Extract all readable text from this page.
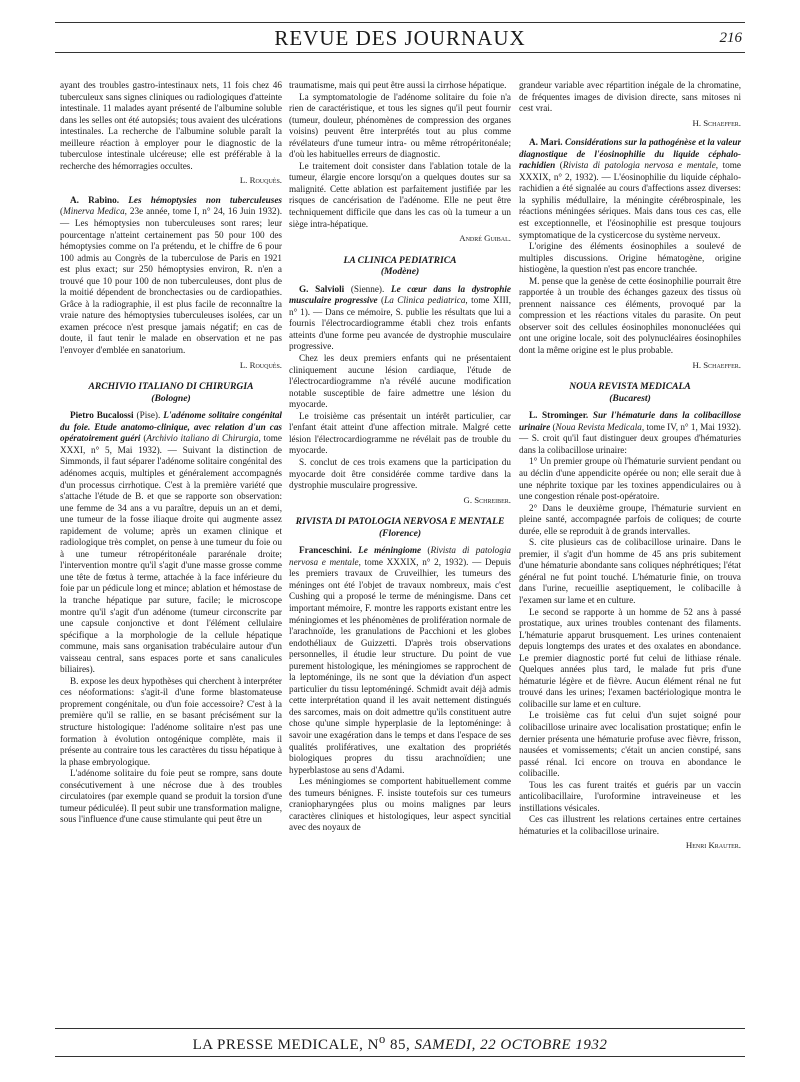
REVUE DES JOURNAUX	216

ayant des troubles gastro-intestinaux nets, 11 fois chez 46 tuberculeux sans signes cliniques ou radiologiques d'atteinte intestinale. 11 malades ayant présenté de l'albumine soluble dans les selles ont été autopsiés; tous avaient des ulcérations intestinales. La recherche de l'albumine soluble paraît la meilleure réaction à employer pour le diagnostic de la tuberculose intestinale ulcéreuse; elle est préférable à la recherche des hémorragies occultes.

L. Rouquès.

A. Rabino. Les hémoptysies non tuberculeuses (Minerva Medica, 23e année, tome I, n° 24, 16 Juin 1932). — Les hémoptysies non tuberculeuses sont rares; leur pourcentage n'atteint certainement pas 50 pour 100 des hémoptysies comme on l'a prétendu, et le chiffre de 6 pour 100 admis au Congrès de la tuberculose de Paris en 1921 est plus exact; sur 250 hémoptysies environ, R. n'en a trouvé que 10 pour 100 de non tuberculeuses, dont plus de la moitié dépendent de bronchectasies ou de cardiopathies. Grâce à la radiographie, il est plus facile de reconnaître la vraie nature des hémoptysies tuberculeuses isolées, car un examen précoce n'est presque jamais négatif; en cas de doute, il faut tenir le malade en observation et ne pas l'envoyer d'emblée en sanatorium.

L. Rouquès.
ARCHIVIO ITALIANO DI CHIRURGIA
(Bologne)

Pietro Bucalossi (Pise). L'adénome solitaire congénital du foie. Etude anatomo-clinique, avec relation d'un cas opératoirement guéri (Archivio italiano di Chirurgia, tome XXXI, n° 5, Mai 1932). — Suivant la distinction de Simmonds, il faut séparer l'adénome solitaire congénital des adénomes acquis, multiples et généralement accompagnés d'un processus cirrhotique. C'est à la première variété que s'attache l'étude de B. et que se rapporte son observation: une femme de 34 ans a vu paraître, depuis un an et demi, une tumeur de la fosse iliaque droite qui augmente assez rapidement de volume; après un examen clinique et radiologique très complet, on pense à une tumeur du foie ou à une tumeur rétropéritonéale pararénale droite; l'intervention montre qu'il s'agit d'une masse grosse comme une tête de fœtus à terme, attachée à la face inférieure du foie par un pédicule long et mince; ablation et hémostase de la tranche hépatique par suture, facile; le microscope montre qu'il s'agit d'un adénome (tumeur circonscrite par une capsule conjonctive et dont l'élément cellulaire spécifique a la morphologie de la cellule hépatique commune, mais sans organisation trabéculaire autour d'un vaisseau central, sans espaces porte et sans canalicules biliaires).

B. expose les deux hypothèses qui cherchent à interpréter ces néoformations: s'agit-il d'une forme blastomateuse proprement congénitale, ou d'un foie accessoire? C'est à la première qu'il se rallie, en se basant précisément sur la structure histologique: l'adénome solitaire n'est pas une formation à évolution ontogénique complète, mais il présente au contraire tous les caractères du tissu hépatique à la phase embryologique.

L'adénome solitaire du foie peut se rompre, sans doute consécutivement à une nécrose due à des troubles circulatoires (par exemple quand se produit la torsion d'une tumeur pédiculée). Il peut subir une transformation maligne, sous l'influence d'une cause stimulante qui peut être un

traumatisme, mais qui peut être aussi la cirrhose hépatique.

La symptomatologie de l'adénome solitaire du foie n'a rien de caractéristique, et tous les signes qu'il peut fournir (tumeur, douleur, phénomènes de compression des organes voisins) peuvent être interprétés tout au plus comme révélateurs d'une tumeur intra- ou même rétropéritonéale; d'où les habituelles erreurs de diagnostic.

Le traitement doit consister dans l'ablation totale de la tumeur, élargie encore lorsqu'on a quelques doutes sur sa malignité. Cette ablation est parfaitement justifiée par les risques de cancérisation de l'adénome. Elle ne peut être techniquement difficile que dans les cas où la tumeur a un siège intra-hépatique.

André Guibal.
LA CLINICA PEDIATRICA
(Modène)

G. Salvioli (Sienne). Le cœur dans la dystrophie musculaire progressive (La Clinica pediatrica, tome XIII, n° 1). — Dans ce mémoire, S. publie les résultats que lui a fournis l'électrocardiogramme établi chez trois enfants atteints d'une forme peu avancée de dystrophie musculaire progressive.

Chez les deux premiers enfants qui ne présentaient cliniquement aucune lésion cardiaque, l'étude de l'électrocardiogramme n'a révélé aucune modification notable susceptible de faire admettre une lésion du myocarde.

Le troisième cas présentait un intérêt particulier, car l'enfant était atteint d'une affection mitrale. Malgré cette lésion l'électrocardiogramme ne révélait pas de trouble du myocarde.

S. conclut de ces trois examens que la participation du myocarde doit être considérée comme tardive dans la dystrophie musculaire progressive.

G. Schreiber.
RIVISTA DI PATOLOGIA NERVOSA E MENTALE
(Florence)

Franceschini. Le méningiome (Rivista di patologia nervosa e mentale, tome XXXIX, n° 2, 1932). — Depuis les premiers travaux de Cruveilhier, les tumeurs des méninges ont été l'objet de travaux nombreux, mais c'est Cushing qui a proposé le terme de méningisme. Dans cet important mémoire, F. montre les rapports existant entre les méningiomes et les phénomènes de prolifération normale de l'arachnoïde, les granulations de Pacchioni et les globes endothéliaux de Guizzetti. D'après trois observations personnelles, il étudie leur structure. Du point de vue purement histologique, les méningiomes se rapprochent de la leptoméninge, ils ne sont que la déviation d'un aspect particulier du tissu leptoméningé. Schmidt avait déjà admis cette interprétation quand il les avait nettement distingués des sarcomes, mais on doit admettre qu'ils constituent autre chose qu'une simple hyperplasie de la leptoméninge: à savoir une exagération dans le temps et dans l'espace de ses qualités prolifératives, une exaltation des propriétés biologiques propres du tissu arachnoïdien; une hyperblastose au sens d'Adami.

Les méningiomes se comportent habituellement comme des tumeurs bénignes. F. insiste toutefois sur ces tumeurs craniopharyngées plus ou moins malignes par leurs caractères cliniques et histologiques, leur aspect syncitial avec des noyaux de

grandeur variable avec répartition inégale de la chromatine, de fréquentes images de division directe, sans mitoses ni cest vrai.

H. Schaeffer.

A. Mari. Considérations sur la pathogénèse et la valeur diagnostique de l'éosinophilie du liquide céphalo-rachidien (Rivista di patologia nervosa e mentale, tome XXXIX, n° 2, 1932). — L'éosinophilie du liquide céphalo-rachidien a été signalée au cours d'affections assez diverses: la syphilis médullaire, la méningite cérébrospinale, les réactions méningées sériques. Mais dans tous ces cas, elle est exceptionnelle, et l'éosinophilie est presque toujours symptomatique de la cysticercose du système nerveux.

L'origine des éléments éosinophiles a soulevé de multiples discussions. Origine hématogène, origine histiogène, la question n'est pas encore tranchée.

M. pense que la genèse de cette éosinophilie pourrait être rapportée à un trouble des échanges gazeux des tissus où prennent naissance ces éléments, provoqué par la compression et les réactions vitales du parasite. On peut observer soit des cellules éosinophiles mononucléées qui ont une origine locale, soit des polynucléaires éosinophiles dont la même origine est le plus probable.

H. Schaeffer.
NOUA REVISTA MEDICALA
(Bucarest)

L. Strominger. Sur l'hématurie dans la colibacillose urinaire (Noua Revista Medicala, tome IV, n° 1, Mai 1932). — S. croit qu'il faut distinguer deux groupes d'hématuries dans la colibacillose urinaire:

1° Un premier groupe où l'hématurie survient pendant ou au déclin d'une appendicite opérée ou non; elle serait due à une néphrite toxique par les toxines appendiculaires ou à une congestion rénale post-opératoire.

2° Dans le deuxième groupe, l'hématurie survient en pleine santé, accompagnée parfois de coliques; de courte durée, elle se reproduit à de grands intervalles.

S. cite plusieurs cas de colibacillose urinaire. Dans le premier, il s'agit d'un homme de 45 ans pris subitement d'une hématurie abondante sans coliques néphrétiques; l'état général ne fut point touché. L'hématurie finie, on trouva dans l'urine, recueillie aseptiquement, le colibacille à l'examen sur lame et en culture.

Le second se rapporte à un homme de 52 ans à passé prostatique, aux urines troubles contenant des filaments. L'hématurie apparut brusquement. Les urines contenaient depuis longtemps des urates et des oxalates en abondance. Le premier diagnostic porté fut celui de lithiase rénale. Quelques années plus tard, le malade fut pris d'une hématurie légère et de fièvre. Aucun élément rénal ne fut trouvé dans les urines; l'examen bactériologique montra le colibacille sur lame et en culture.

Le troisième cas fut celui d'un sujet soigné pour colibacillose urinaire avec localisation prostatique; enfin le dernier présenta une hématurie profuse avec fièvre, frisson, nausées et vomissements; c'était un ancien constipé, sans passé rénal. Ici encore on trouva en abondance le colibacille.

Tous les cas furent traités et guéris par un vaccin anticolibacillaire, l'uroformine intraveineuse et les instillations vésicales.

Ces cas illustrent les relations certaines entre certaines hématuries et la colibacillose urinaire.

Henri Krauter.
LA PRESSE MEDICALE, $N^o$ 85, SAMEDI, 22 OCTOBRE 1932
